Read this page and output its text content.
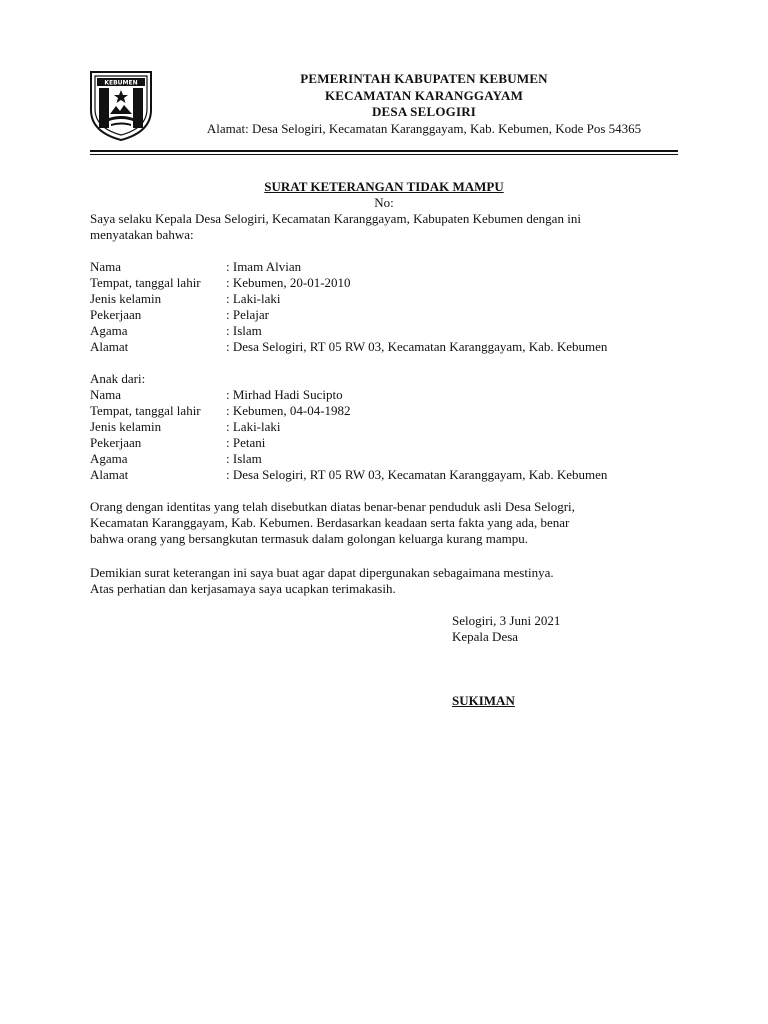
KEBUMEN	PEMERINTAH KABUPATEN KEBUMEN
KECAMATAN KARANGGAYAM
DESA SELOGIRI
Alamat: Desa Selogiri, Kecamatan Karanggayam, Kab. Kebumen, Kode Pos 54365
SURAT KETERANGAN TIDAK MAMPU
No:
Saya selaku Kepala Desa Selogiri, Kecamatan Karanggayam, Kabupaten Kebumen dengan ini
menyatakan bahwa:
Nama	: Imam Alvian
Tempat, tanggal lahir : Kebumen, 20-01-2010
Jenis kelamin	: Laki-laki
Pekerjaan	: Pelajar
Agama	: Islam
Alamat	: Desa Selogiri, RT 05 RW 03, Kecamatan Karanggayam, Kab. Kebumen
Anak dari:
Nama	: Mirhad Hadi Sucipto
Tempat, tanggal lahir : Kebumen, 04-04-1982
Jenis kelamin	: Laki-laki
Pekerjaan	: Petani
Agama	: Islam
Alamat	: Desa Selogiri, RT 05 RW 03, Kecamatan Karanggayam, Kab. Kebumen
Orang dengan identitas yang telah disebutkan diatas benar-benar penduduk asli Desa Selogri,
Kecamatan Karanggayam, Kab. Kebumen. Berdasarkan keadaan serta fakta yang ada, benar
bahwa orang yang bersangkutan termasuk dalam golongan keluarga kurang mampu.
Demikian surat keterangan ini saya buat agar dapat dipergunakan sebagaimana mestinya.
Atas perhatian dan kerjasamaya saya ucapkan terimakasih.
Selogiri, 3 Juni 2021
Kepala Desa
SUKIMAN
